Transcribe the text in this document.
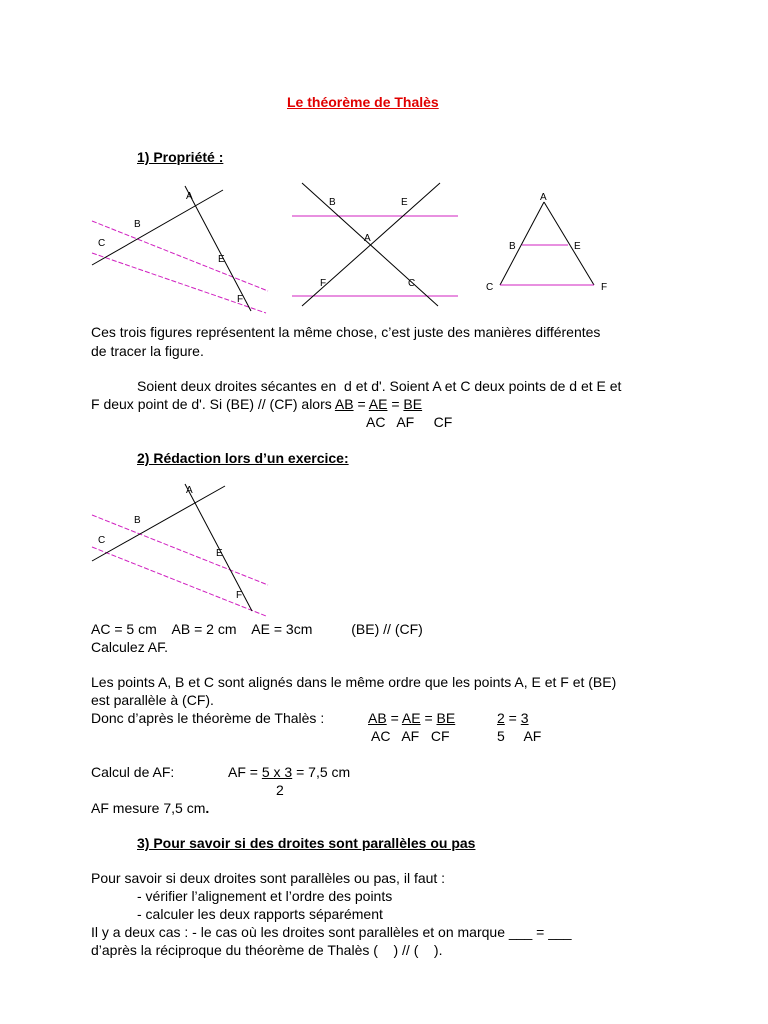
Le théorème de Thalès
1) Propriété :
A
B
C
E
F
B	E
A
F	C
A
B	E
C	F
Ces trois figures représentent la même chose, c’est juste des manières différentes
de tracer la figure.
Soient deux droites sécantes en  d et d'. Soient A et C deux points de d et E et
F deux point de d'. Si (BE) // (CF) alors AB = AE = BE
AC   AF     CF
2) Rédaction lors d’un exercice:
A
B
C
E
F
AC = 5 cm    AB = 2 cm    AE = 3cm          (BE) // (CF)
Calculez AF.
Les points A, B et C sont alignés dans le même ordre que les points A, E et F et (BE)
est parallèle à (CF).
Donc d’après le théorème de Thalès :	AB = AE = BE
AC   AF   CF
2 = 3
5     AF
Calcul de AF:	AF = 5 x 3 = 7,5 cm
2
AF mesure 7,5 cm.
3) Pour savoir si des droites sont parallèles ou pas
Pour savoir si deux droites sont parallèles ou pas, il faut :
- vérifier l’alignement et l’ordre des points
- calculer les deux rapports séparément
Il y a deux cas : - le cas où les droites sont parallèles et on marque ___ = ___
d’après la réciproque du théorème de Thalès (    ) // (    ).
